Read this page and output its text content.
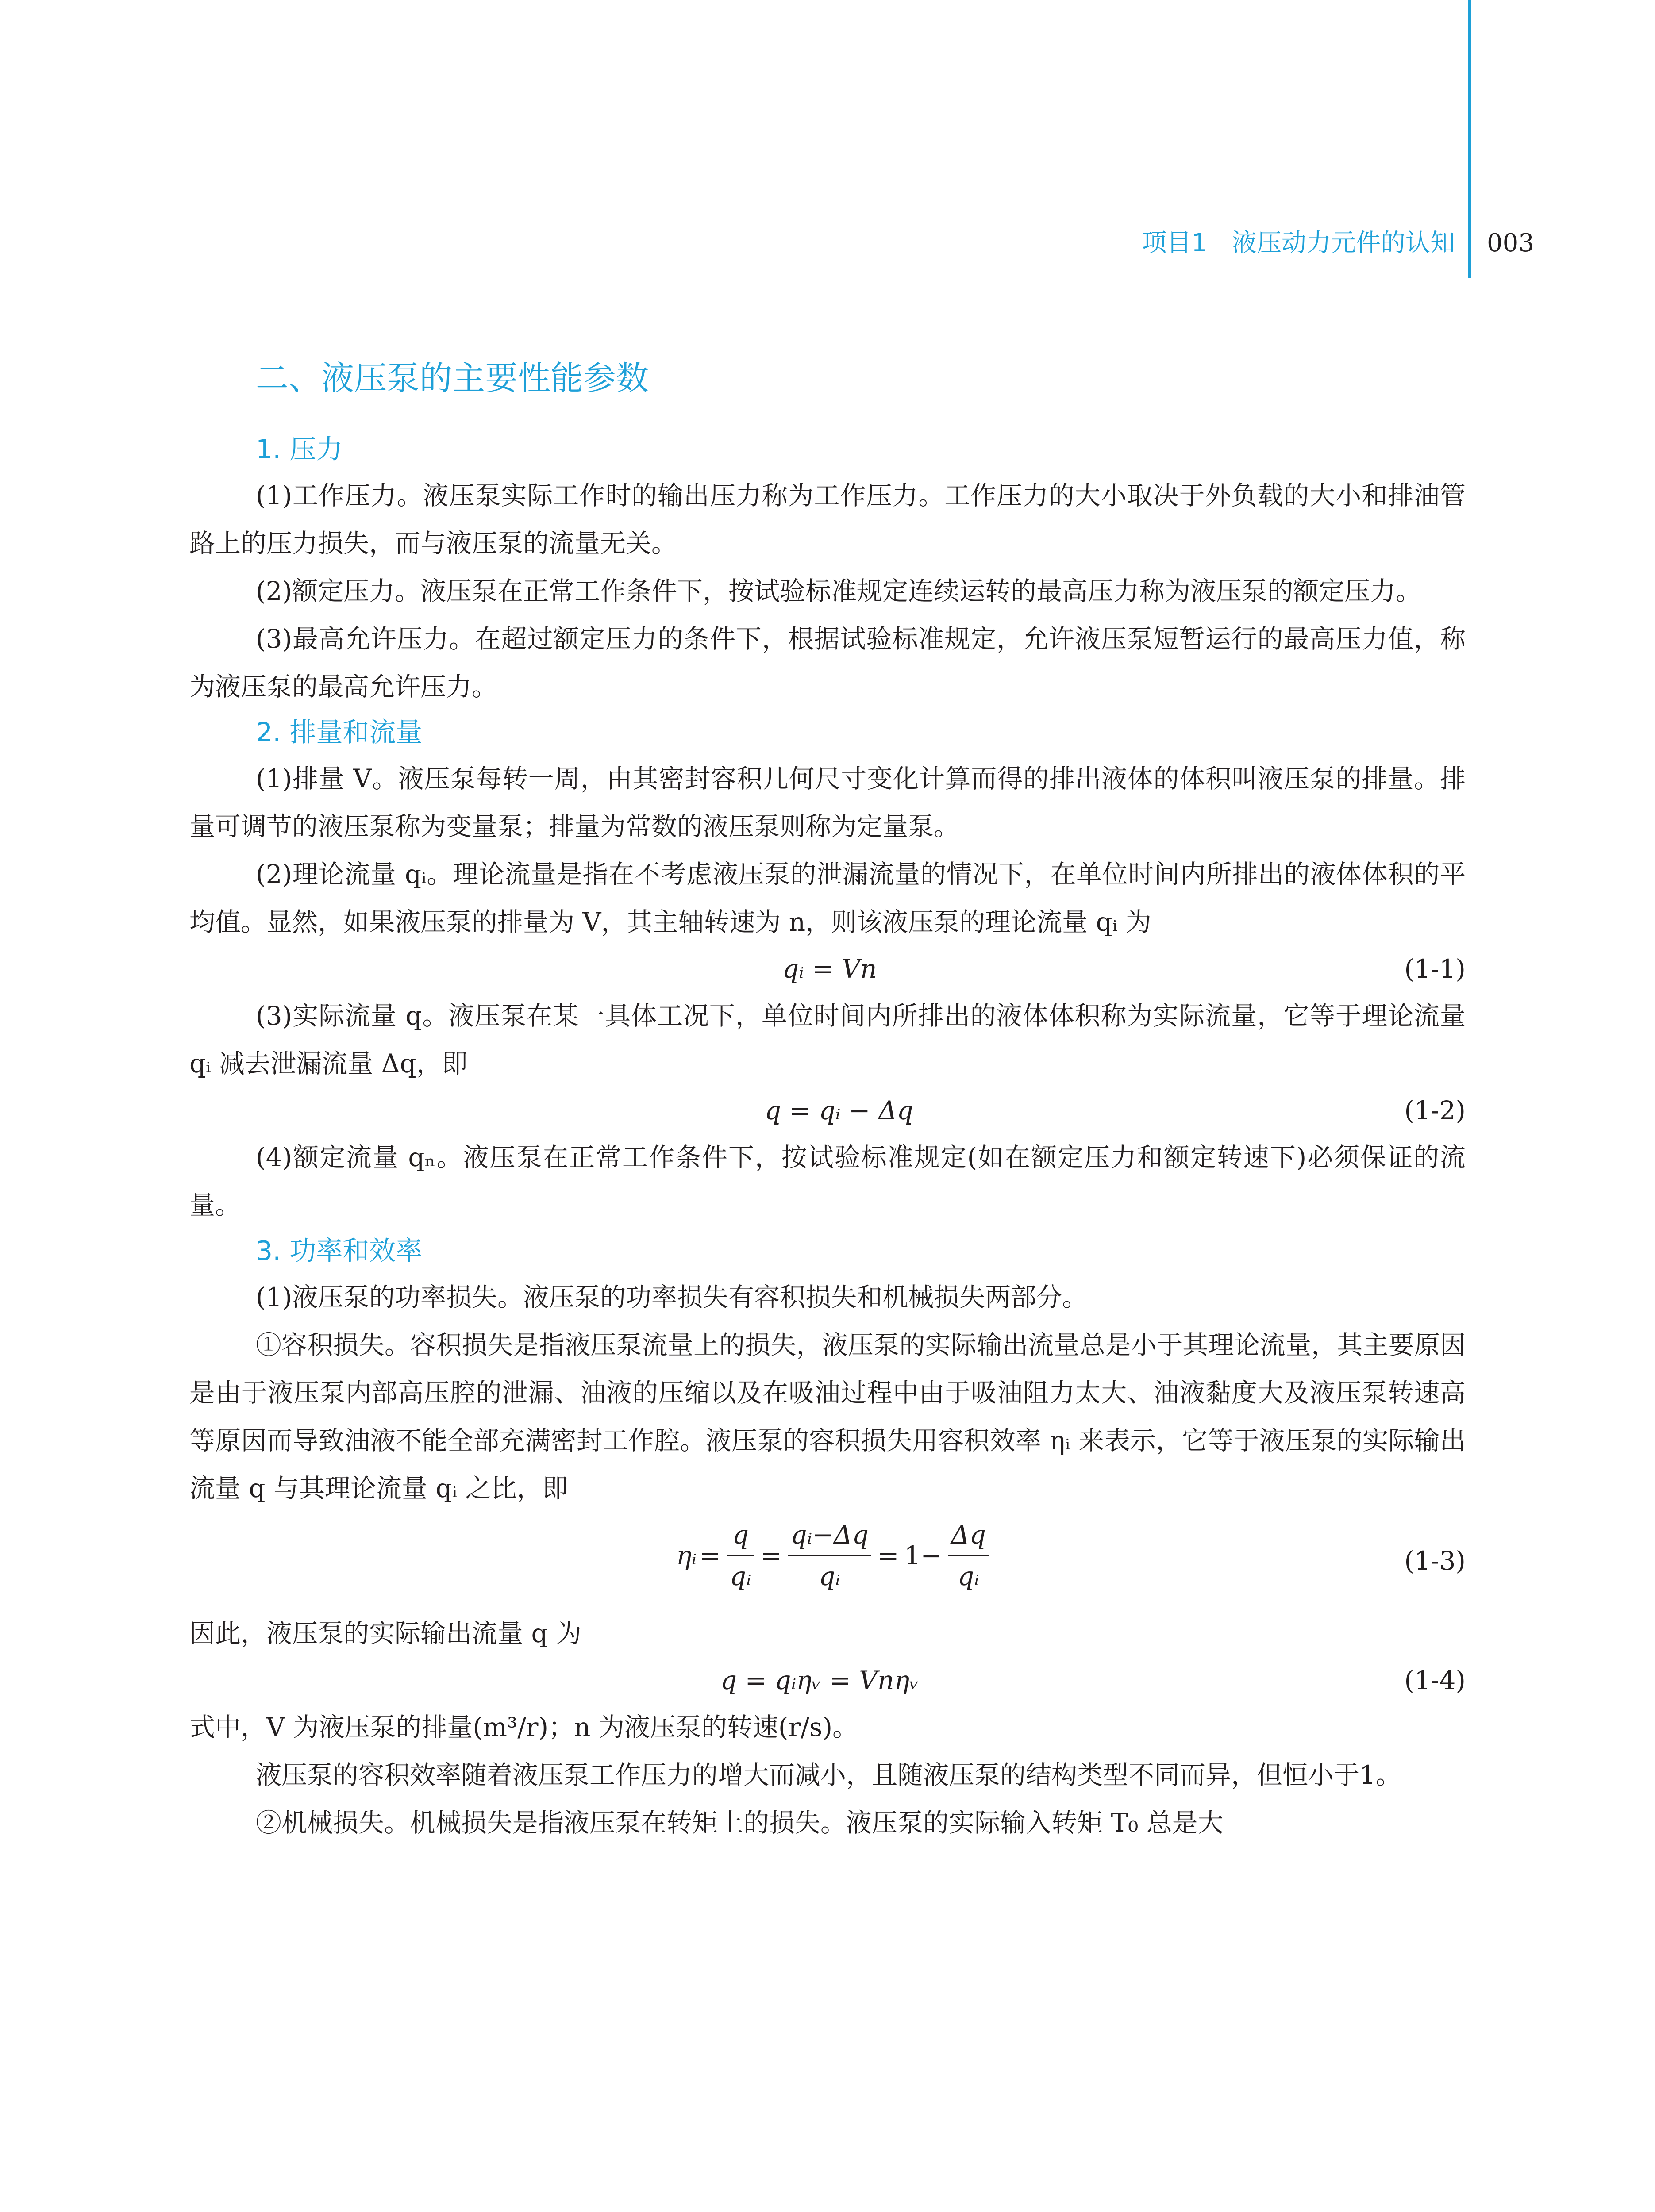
项目1　液压动力元件的认知 003
二、液压泵的主要性能参数
1. 压力

(1)工作压力。液压泵实际工作时的输出压力称为工作压力。工作压力的大小取决于外负载的大小和排油管路上的压力损失，而与液压泵的流量无关。

(2)额定压力。液压泵在正常工作条件下，按试验标准规定连续运转的最高压力称为液压泵的额定压力。

(3)最高允许压力。在超过额定压力的条件下，根据试验标准规定，允许液压泵短暂运行的最高压力值，称为液压泵的最高允许压力。

2. 排量和流量

(1)排量 V。液压泵每转一周，由其密封容积几何尺寸变化计算而得的排出液体的体积叫液压泵的排量。排量可调节的液压泵称为变量泵；排量为常数的液压泵则称为定量泵。

(2)理论流量 qᵢ。理论流量是指在不考虑液压泵的泄漏流量的情况下，在单位时间内所排出的液体体积的平均值。显然，如果液压泵的排量为 V，其主轴转速为 n，则该液压泵的理论流量 qᵢ 为

qᵢ = Vn	(1-1)

(3)实际流量 q。液压泵在某一具体工况下，单位时间内所排出的液体体积称为实际流量，它等于理论流量 qᵢ 减去泄漏流量 Δq，即

q = qᵢ − Δq	(1-2)

(4)额定流量 qₙ。液压泵在正常工作条件下，按试验标准规定(如在额定压力和额定转速下)必须保证的流量。

3. 功率和效率

(1)液压泵的功率损失。液压泵的功率损失有容积损失和机械损失两部分。

①容积损失。容积损失是指液压泵流量上的损失，液压泵的实际输出流量总是小于其理论流量，其主要原因是由于液压泵内部高压腔的泄漏、油液的压缩以及在吸油过程中由于吸油阻力太大、油液黏度大及液压泵转速高等原因而导致油液不能全部充满密封工作腔。液压泵的容积损失用容积效率 ηᵢ 来表示，它等于液压泵的实际输出流量 q 与其理论流量 qᵢ 之比，即

ηᵢ = $\frac{q}{\text{qᵢ}} = \frac{\text{qᵢ−Δq}}{\text{qᵢ}} = 1- \frac{\Delta q}{\text{qᵢ}}$	(1-3)

因此，液压泵的实际输出流量 q 为

q = qᵢηᵥ = Vnηᵥ	(1-4)

式中，V 为液压泵的排量(m³/r)；n 为液压泵的转速(r/s)。

液压泵的容积效率随着液压泵工作压力的增大而减小，且随液压泵的结构类型不同而异，但恒小于1。

②机械损失。机械损失是指液压泵在转矩上的损失。液压泵的实际输入转矩 T₀ 总是大
